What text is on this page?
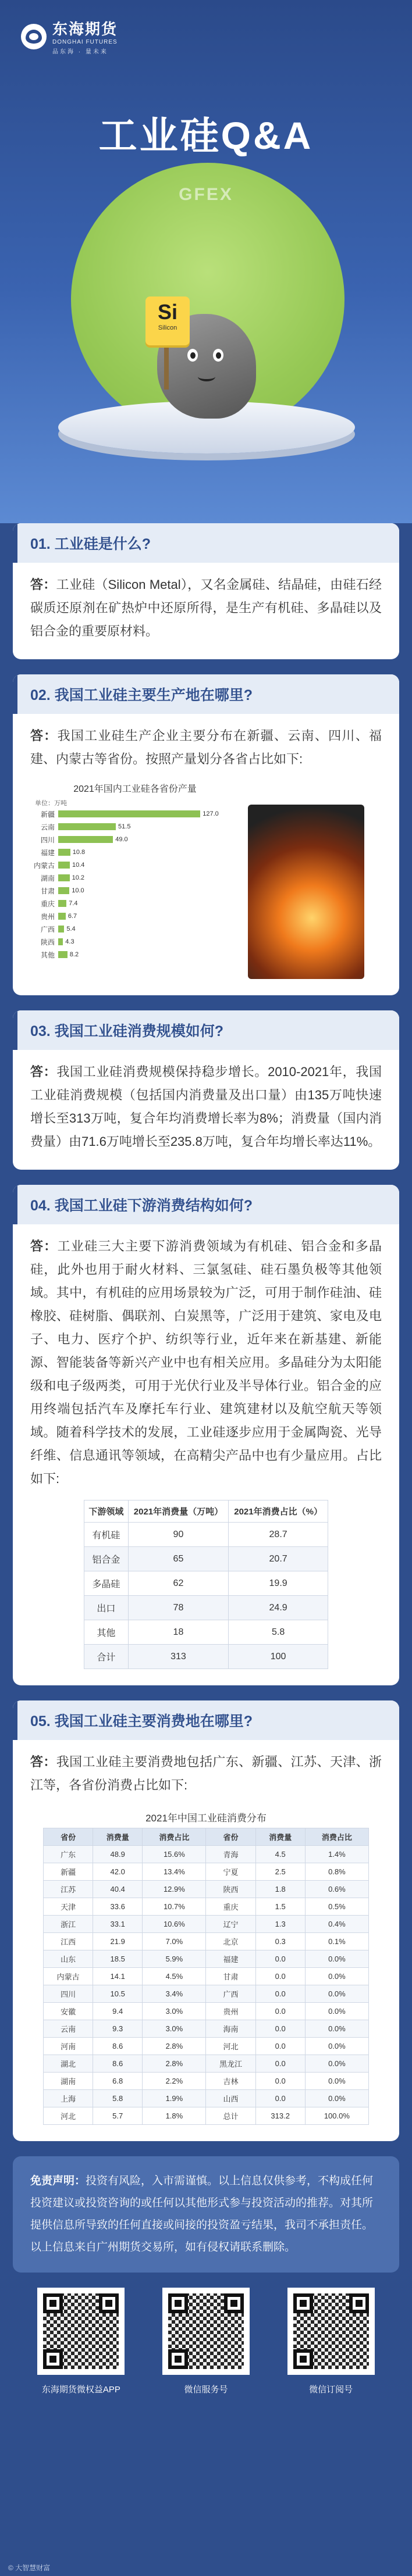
东海期货
DONGHAI FUTURES
品东海 · 量未来
工业硅Q&A
GFEX
Si
Silicon
01. 工业硅是什么?
答：工业硅（Silicon Metal），又名金属硅、结晶硅，由硅石经碳质还原剂在矿热炉中还原所得，是生产有机硅、多晶硅以及铝合金的重要原材料。
02. 我国工业硅主要生产地在哪里?
答：我国工业硅生产企业主要分布在新疆、云南、四川、福建、内蒙古等省份。按照产量划分各省占比如下:
2021年国内工业硅各省份产量
单位：万吨
新疆	127.0
云南	51.5
四川	49.0
福建	10.8
内蒙古	10.4
湖南	10.2
甘肃	10.0
重庆	7.4
贵州	6.7
广西	5.4
陕西	4.3
其他	8.2
03. 我国工业硅消费规模如何?
答：我国工业硅消费规模保持稳步增长。2010-2021年，我国工业硅消费规模（包括国内消费量及出口量）由135万吨快速增长至313万吨，复合年均消费增长率为8%；消费量（国内消费量）由71.6万吨增长至235.8万吨，复合年均增长率达11%。
04. 我国工业硅下游消费结构如何?
答：工业硅三大主要下游消费领域为有机硅、铝合金和多晶硅，此外也用于耐火材料、三氯氢硅、硅石墨负极等其他领域。其中，有机硅的应用场景较为广泛，可用于制作硅油、硅橡胶、硅树脂、偶联剂、白炭黑等，广泛用于建筑、家电及电子、电力、医疗个护、纺织等行业，近年来在新基建、新能源、智能装备等新兴产业中也有相关应用。多晶硅分为太阳能级和电子级两类，可用于光伏行业及半导体行业。铝合金的应用终端包括汽车及摩托车行业、建筑建材以及航空航天等领域。随着科学技术的发展，工业硅逐步应用于金属陶瓷、光导纤维、信息通讯等领域，在高精尖产品中也有少量应用。占比如下:
下游领域	2021年消费量（万吨）	2021年消费占比（%）
有机硅	90	28.7
铝合金	65	20.7
多晶硅	62	19.9
出口	78	24.9
其他	18	5.8
合计	313	100
05. 我国工业硅主要消费地在哪里?
答：我国工业硅主要消费地包括广东、新疆、江苏、天津、浙江等，各省份消费占比如下:
2021年中国工业硅消费分布
省份	消费量	消费占比	省份	消费量	消费占比
广东	48.9	15.6%	青海	4.5	1.4%
新疆	42.0	13.4%	宁夏	2.5	0.8%
江苏	40.4	12.9%	陕西	1.8	0.6%
天津	33.6	10.7%	重庆	1.5	0.5%
浙江	33.1	10.6%	辽宁	1.3	0.4%
江西	21.9	7.0%	北京	0.3	0.1%
山东	18.5	5.9%	福建	0.0	0.0%
内蒙古	14.1	4.5%	甘肃	0.0	0.0%
四川	10.5	3.4%	广西	0.0	0.0%
安徽	9.4	3.0%	贵州	0.0	0.0%
云南	9.3	3.0%	海南	0.0	0.0%
河南	8.6	2.8%	河北	0.0	0.0%
湖北	8.6	2.8%	黑龙江	0.0	0.0%
湖南	6.8	2.2%	吉林	0.0	0.0%
上海	5.8	1.9%	山西	0.0	0.0%
河北	5.7	1.8%	总计	313.2	100.0%
免责声明：投资有风险，入市需谨慎。以上信息仅供参考，不构成任何投资建议或投资咨询的或任何以其他形式参与投资活动的推荐。对其所提供信息所导致的任何直接或间接的投资盈亏结果，我司不承担责任。以上信息来自广州期货交易所，如有侵权请联系删除。
东海期货微权益APP	微信服务号	微信订阅号
© 大智慧财富
